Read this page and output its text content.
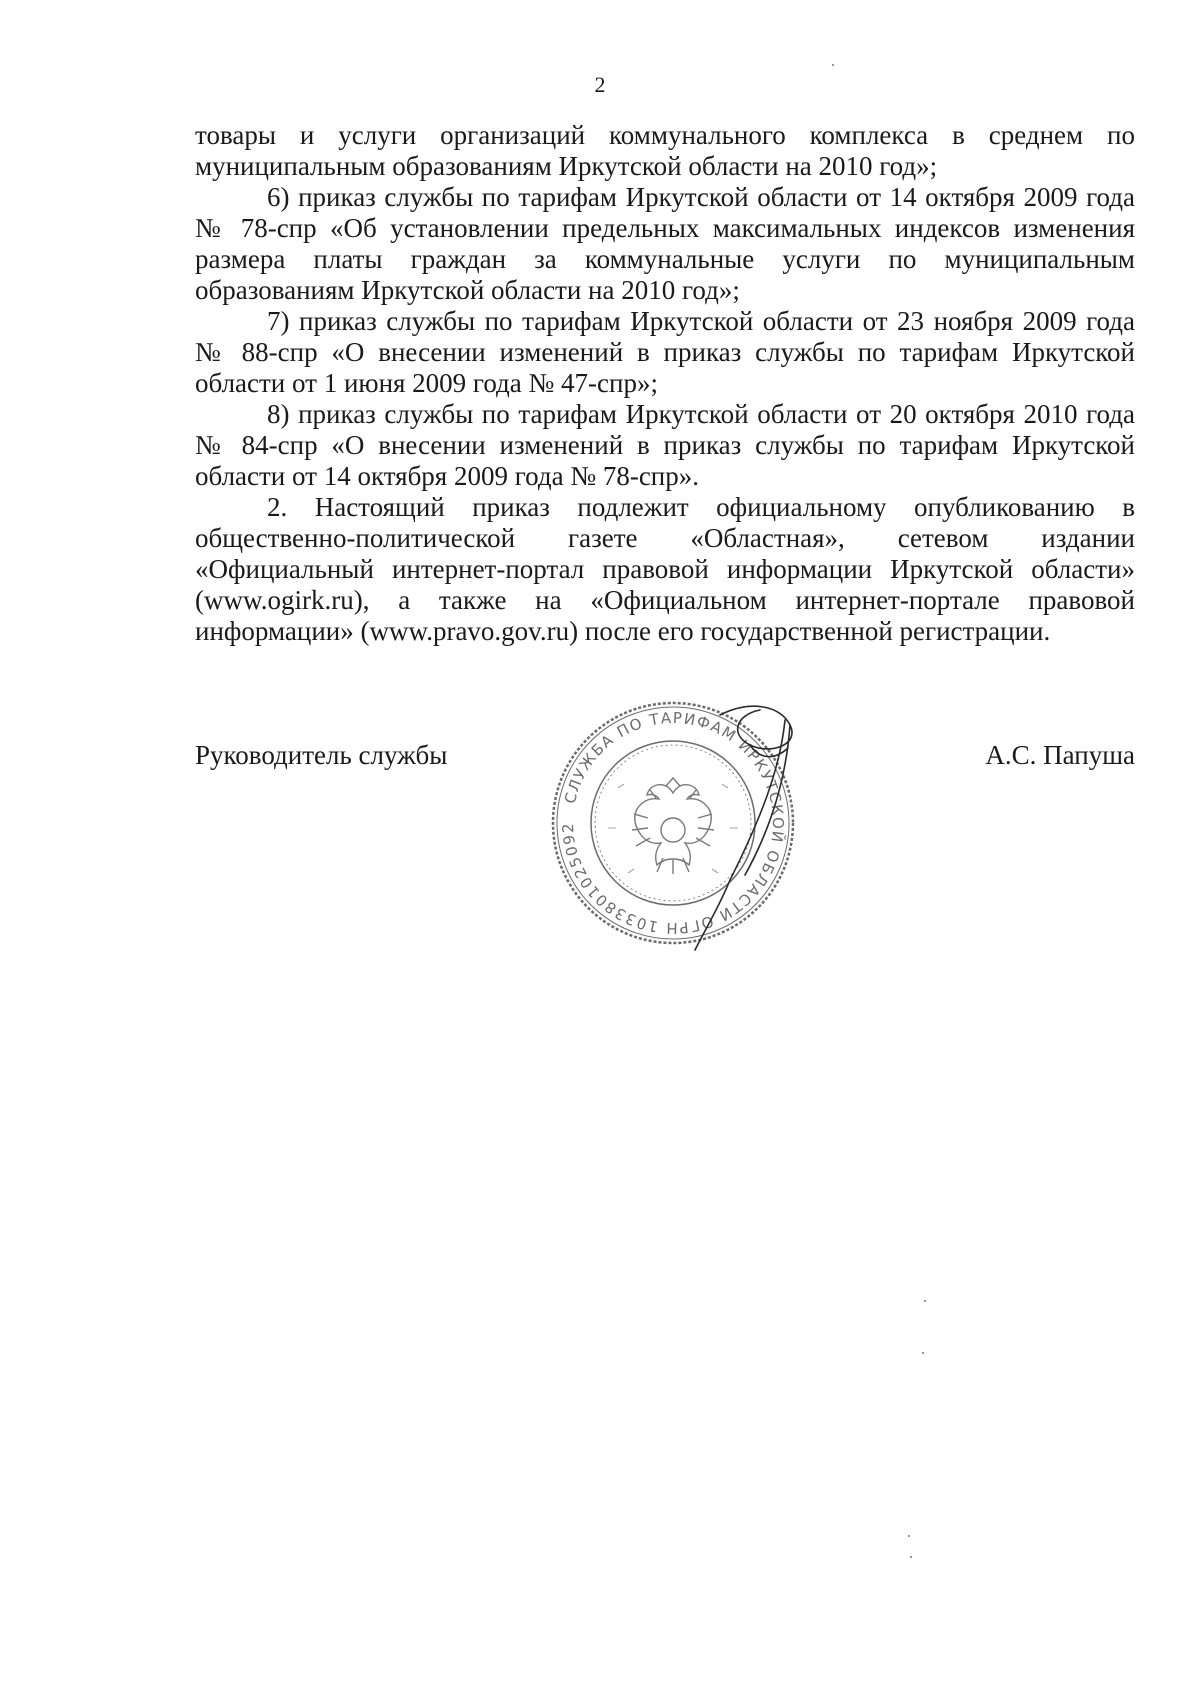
2

товары и услуги организаций коммунального комплекса в среднем по муниципальным образованиям Иркутской области на 2010 год»;

6) приказ службы по тарифам Иркутской области от 14 октября 2009 года № 78-спр «Об установлении предельных максимальных индексов изменения размера платы граждан за коммунальные услуги по муниципальным образованиям Иркутской области на 2010 год»;

7) приказ службы по тарифам Иркутской области от 23 ноября 2009 года № 88-спр «О внесении изменений в приказ службы по тарифам Иркутской области от 1 июня 2009 года № 47-спр»;

8) приказ службы по тарифам Иркутской области от 20 октября 2010 года № 84-спр «О внесении изменений в приказ службы по тарифам Иркутской области от 14 октября 2009 года № 78-спр».

2. Настоящий приказ подлежит официальному опубликованию в общественно-политической газете «Областная», сетевом издании «Официальный интернет-портал правовой информации Иркутской области» (www.ogirk.ru), а также на «Официальном интернет-портале правовой информации» (www.pravo.gov.ru) после его государственной регистрации.

Руководитель службы	А.С. Папуша
СЛУЖБА ПО ТАРИФАМ ИРКУТСКОЙ ОБЛАСТИ ОГРН 1033801025092
